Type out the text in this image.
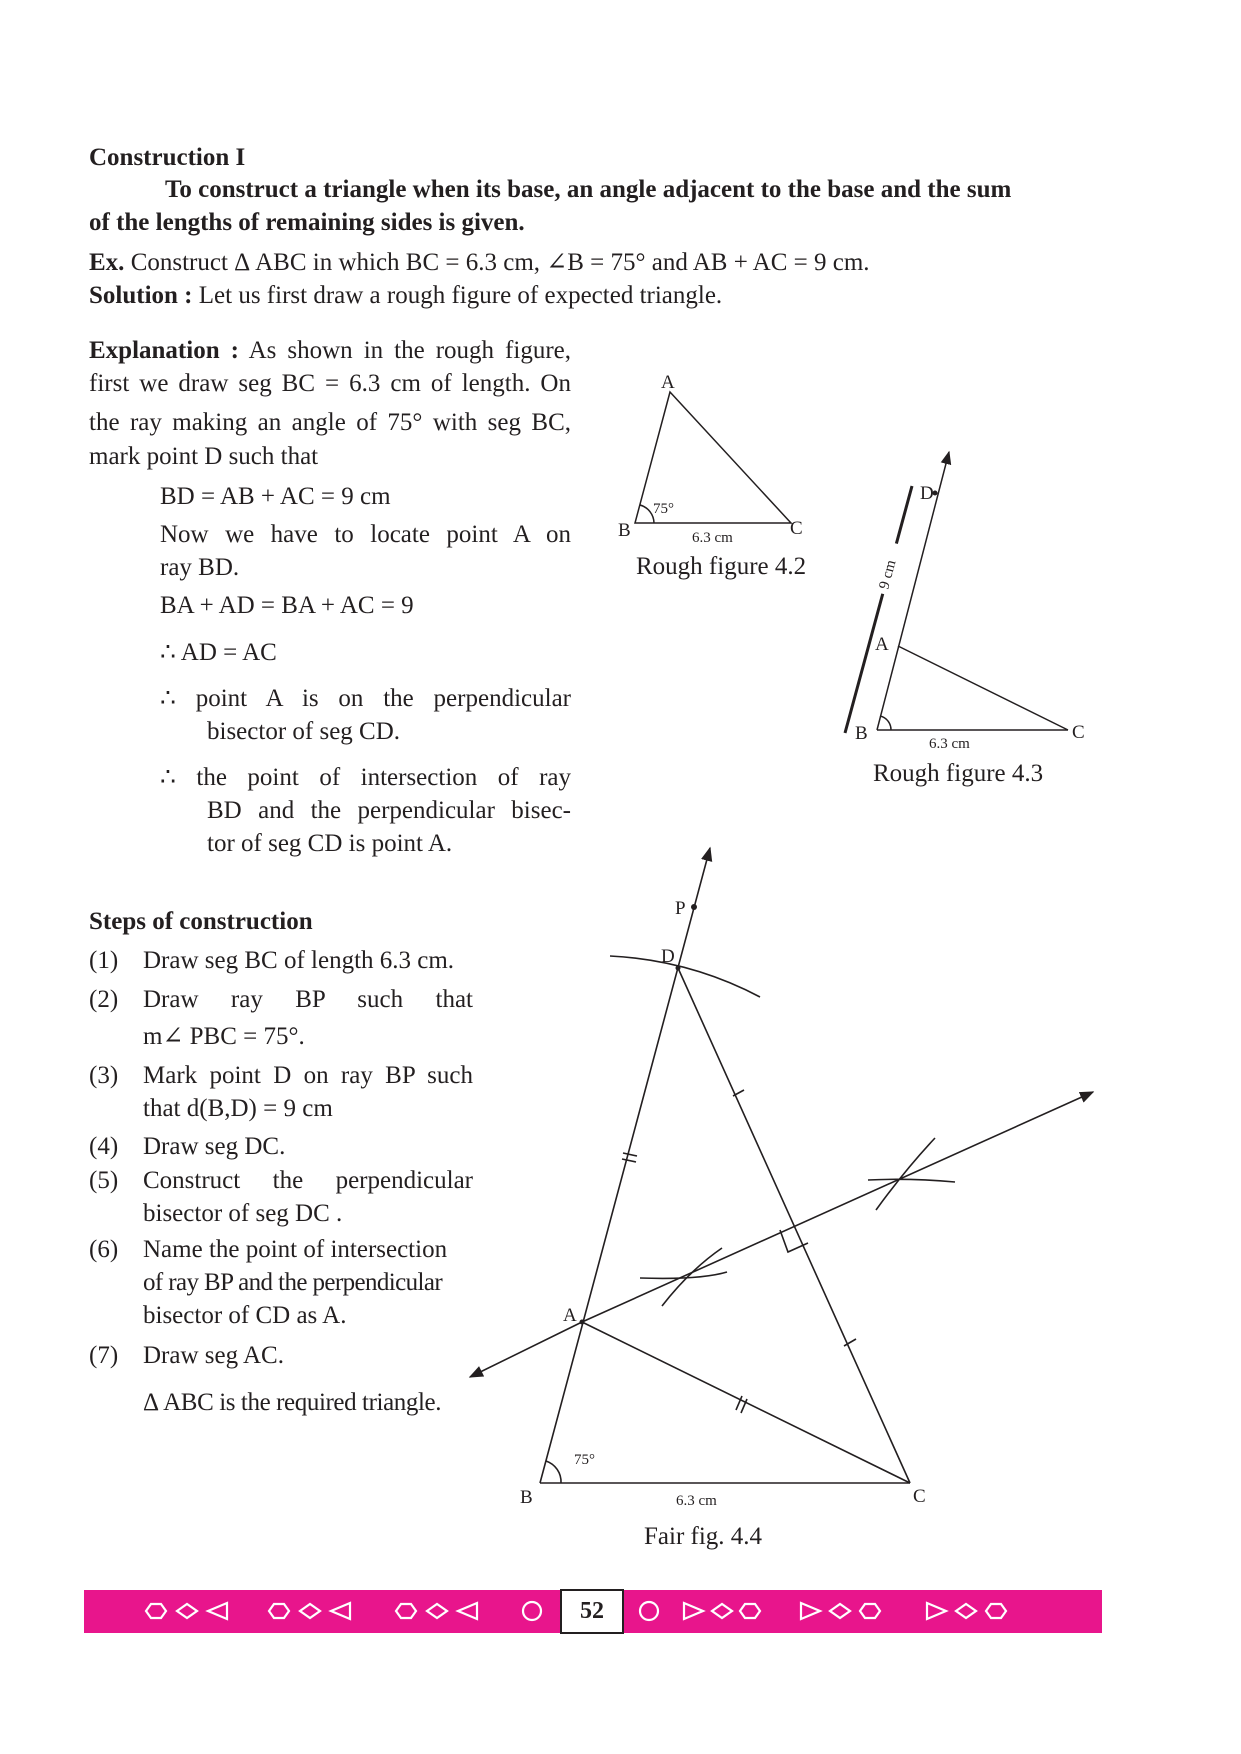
Construction I
To construct a triangle when its base, an angle adjacent to the base and the sum
of the lengths of remaining sides is given.
Ex. Construct Δ ABC in which BC = 6.3 cm, ∠B = 75° and AB + AC = 9 cm.
Solution : Let us first draw a rough figure of expected triangle.
Explanation : As shown in the rough figure,
first we draw seg BC = 6.3 cm of length. On
the ray making an angle of 75° with seg BC,
mark point D such that
BD = AB + AC = 9 cm
Now we have to locate point A on
ray BD.
BA + AD = BA + AC = 9
∴ AD = AC
∴ point A is on the perpendicular
bisector of seg CD.
∴ the point of intersection of ray
BD and the perpendicular bisec-
tor of seg CD is point A.
Steps of construction
(1) Draw seg BC of length 6.3 cm.
(2) Draw ray BP such that
m∠ PBC = 75°.
(3) Mark point D on ray BP such
that d(B,D) = 9 cm
(4) Draw seg DC.
(5) Construct the perpendicular
bisector of seg DC .
(6) Name the point of intersection
of ray BP and the perpendicular
bisector of CD as A.
(7) Draw seg AC.
Δ ABC is the required triangle.
A
B	C
75°
6.3 cm
Rough figure 4.2
D
A
B	C
9 cm
6.3 cm
Rough figure 4.3
P
D
A
B	C
75°
6.3 cm
Fair fig. 4.4
52
